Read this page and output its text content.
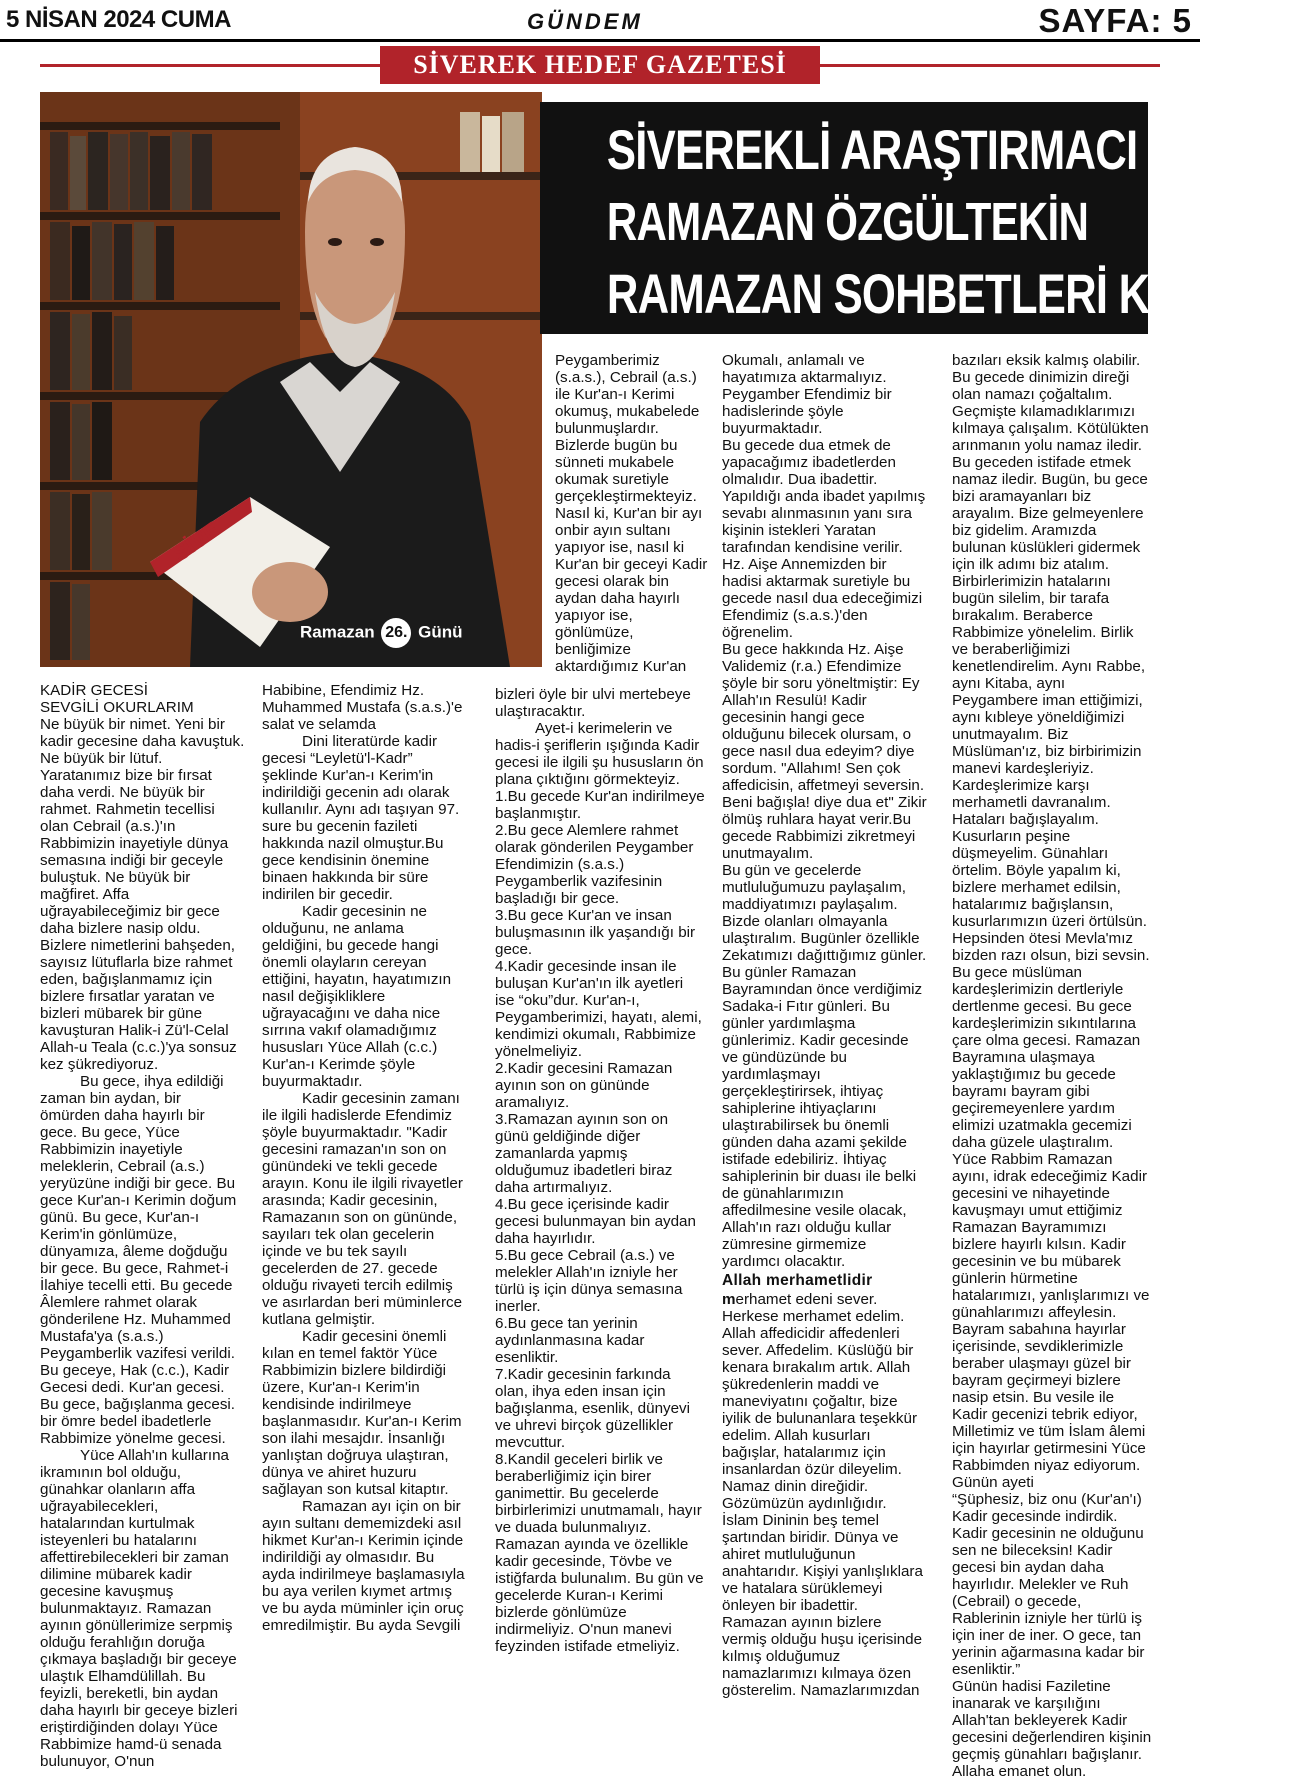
5 NİSAN 2024 CUMA	GÜNDEM	SAYFA: 5
SİVEREK HEDEF GAZETESİ
SİVE
Ramazan 26. Günü
SİVEREKLİ ARAŞTIRMACI YAZAR
RAMAZAN ÖZGÜLTEKİN
RAMAZAN SOHBETLERİ KÖŞESİ

KADİR GECESİ

SEVGİLİ OKURLARIM

Ne büyük bir nimet. Yeni bir kadir gecesine daha kavuştuk. Ne büyük bir lütuf. Yaratanımız bize bir fırsat daha verdi. Ne büyük bir rahmet. Rahmetin tecellisi olan Cebrail (a.s.)'ın Rabbimizin inayetiyle dünya semasına indiği bir geceyle buluştuk. Ne büyük bir mağfiret. Affa uğrayabileceğimiz bir gece daha bizlere nasip oldu. Bizlere nimetlerini bahşeden, sayısız lütuflarla bize rahmet eden, bağışlanmamız için bizlere fırsatlar yaratan ve bizleri mübarek bir güne kavuşturan Halik-i Zü'l-Celal Allah-u Teala (c.c.)'ya sonsuz kez şükrediyoruz.

Bu gece, ihya edildiği zaman bin aydan, bir ömürden daha hayırlı bir gece. Bu gece, Yüce Rabbimizin inayetiyle meleklerin, Cebrail (a.s.) yeryüzüne indiği bir gece. Bu gece Kur'an-ı Kerimin doğum günü. Bu gece, Kur'an-ı Kerim'in gönlümüze, dünyamıza, âleme doğduğu bir gece. Bu gece, Rahmet-i İlahiye tecelli etti. Bu gecede Âlemlere rahmet olarak gönderilene Hz. Muhammed Mustafa'ya (s.a.s.) Peygamberlik vazifesi verildi. Bu geceye, Hak (c.c.), Kadir Gecesi dedi. Kur'an gecesi. Bu gece, bağışlanma gecesi. bir ömre bedel ibadetlerle Rabbimize yönelme gecesi.

Yüce Allah'ın kullarına ikramının bol olduğu, günahkar olanların affa uğrayabilecekleri, hatalarından kurtulmak isteyenleri bu hatalarını affettirebilecekleri bir zaman dilimine mübarek kadir gecesine kavuşmuş bulunmaktayız. Ramazan ayının gönüllerimize serpmiş olduğu ferahlığın doruğa çıkmaya başladığı bir geceye ulaştık Elhamdülillah. Bu feyizli, bereketli, bin aydan daha hayırlı bir geceye bizleri eriştirdiğinden dolayı Yüce Rabbimize hamd-ü senada bulunuyor, O'nun

Habibine, Efendimiz Hz. Muhammed Mustafa (s.a.s.)'e salat ve selamda

Dini literatürde kadir gecesi “Leyletü'l-Kadr” şeklinde Kur'an-ı Kerim'in indirildiği gecenin adı olarak kullanılır. Aynı adı taşıyan 97. sure bu gecenin fazileti hakkında nazil olmuştur.Bu gece kendisinin önemine binaen hakkında bir süre indirilen bir gecedir.

Kadir gecesinin ne olduğunu, ne anlama geldiğini, bu gecede hangi önemli olayların cereyan ettiğini, hayatın, hayatımızın nasıl değişikliklere uğrayacağını ve daha nice sırrına vakıf olamadığımız hususları Yüce Allah (c.c.) Kur'an-ı Kerimde şöyle buyurmaktadır.

Kadir gecesinin zamanı ile ilgili hadislerde Efendimiz şöyle buyurmaktadır. "Kadir gecesini ramazan'ın son on günündeki ve tekli gecede arayın. Konu ile ilgili rivayetler arasında; Kadir gecesinin, Ramazanın son on gününde, sayıları tek olan gecelerin içinde ve bu tek sayılı gecelerden de 27. gecede olduğu rivayeti tercih edilmiş ve asırlardan beri müminlerce kutlana gelmiştir.

Kadir gecesini önemli kılan en temel faktör Yüce Rabbimizin bizlere bildirdiği üzere, Kur'an-ı Kerim'in kendisinde indirilmeye başlanmasıdır. Kur'an-ı Kerim son ilahi mesajdır. İnsanlığı yanlıştan doğruya ulaştıran, dünya ve ahiret huzuru sağlayan son kutsal kitaptır.

Ramazan ayı için on bir ayın sultanı dememizdeki asıl hikmet Kur'an-ı Kerimin içinde indirildiği ay olmasıdır. Bu ayda indirilmeye başlamasıyla bu aya verilen kıymet artmış ve bu ayda müminler için oruç emredilmiştir. Bu ayda Sevgili

Peygamberimiz (s.a.s.), Cebrail (a.s.) ile Kur'an-ı Kerimi okumuş, mukabelede bulunmuşlardır. Bizlerde bugün bu sünneti mukabele okumak suretiyle gerçekleştirmekteyiz. Nasıl ki, Kur'an bir ayı onbir ayın sultanı yapıyor ise, nasıl ki Kur'an bir geceyi Kadir gecesi olarak bin aydan daha hayırlı yapıyor ise, gönlümüze, benliğimize aktardığımız Kur'an

bizleri öyle bir ulvi mertebeye ulaştıracaktır.

Ayet-i kerimelerin ve hadis-i şeriflerin ışığında Kadir gecesi ile ilgili şu hususların ön plana çıktığını görmekteyiz.

1.Bu gecede Kur'an indirilmeye başlanmıştır.
2.Bu gece Alemlere rahmet olarak gönderilen Peygamber Efendimizin (s.a.s.) Peygamberlik vazifesinin başladığı bir gece.
3.Bu gece Kur'an ve insan buluşmasının ilk yaşandığı bir gece.
4.Kadir gecesinde insan ile buluşan Kur'an'ın ilk ayetleri ise “oku”dur. Kur'an-ı, Peygamberimizi, hayatı, alemi, kendimizi okumalı, Rabbimize yönelmeliyiz.
2.Kadir gecesini Ramazan ayının son on gününde aramalıyız.
3.Ramazan ayının son on günü geldiğinde diğer zamanlarda yapmış olduğumuz ibadetleri biraz daha artırmalıyız.
4.Bu gece içerisinde kadir gecesi bulunmayan bin aydan daha hayırlıdır.
5.Bu gece Cebrail (a.s.) ve melekler Allah'ın izniyle her türlü iş için dünya semasına inerler.
6.Bu gece tan yerinin aydınlanmasına kadar esenliktir.
7.Kadir gecesinin farkında olan, ihya eden insan için bağışlanma, esenlik, dünyevi ve uhrevi birçok güzellikler mevcuttur.
8.Kandil geceleri birlik ve beraberliğimiz için birer ganimettir. Bu gecelerde birbirlerimizi unutmamalı, hayır ve duada bulunmalıyız. Ramazan ayında ve özellikle kadir gecesinde, Tövbe ve istiğfarda bulunalım. Bu gün ve gecelerde Kuran-ı Kerimi bizlerde gönlümüze indirmeliyiz. O'nun manevi feyzinden istifade etmeliyiz.

Okumalı, anlamalı ve hayatımıza aktarmalıyız. Peygamber Efendimiz bir hadislerinde şöyle buyurmaktadır.

Bu gecede dua etmek de yapacağımız ibadetlerden olmalıdır. Dua ibadettir. Yapıldığı anda ibadet yapılmış sevabı alınmasının yanı sıra kişinin istekleri Yaratan tarafından kendisine verilir. Hz. Aişe Annemizden bir hadisi aktarmak suretiyle bu gecede nasıl dua edeceğimizi Efendimiz (s.a.s.)'den öğrenelim.

Bu gece hakkında Hz. Aişe Validemiz (r.a.) Efendimize şöyle bir soru yöneltmiştir: Ey Allah'ın Resulü! Kadir gecesinin hangi gece olduğunu bilecek olursam, o gece nasıl dua edeyim? diye sordum. "Allahım! Sen çok affedicisin, affetmeyi seversin. Beni bağışla! diye dua et" Zikir ölmüş ruhlara hayat verir.Bu gecede Rabbimizi zikretmeyi unutmayalım.

Bu gün ve gecelerde mutluluğumuzu paylaşalım, maddiyatımızı paylaşalım. Bizde olanları olmayanla ulaştıralım. Bugünler özellikle Zekatımızı dağıttığımız günler. Bu günler Ramazan Bayramından önce verdiğimiz Sadaka-i Fıtır günleri. Bu günler yardımlaşma günlerimiz. Kadir gecesinde ve gündüzünde bu yardımlaşmayı gerçekleştirirsek, ihtiyaç sahiplerine ihtiyaçlarını ulaştırabilirsek bu önemli günden daha azami şekilde istifade edebiliriz. İhtiyaç sahiplerinin bir duası ile belki de günahlarımızın affedilmesine vesile olacak, Allah'ın razı olduğu kullar zümresine girmemize yardımcı olacaktır.

Allah merhametlidir

merhamet edeni sever. Herkese merhamet edelim. Allah affedicidir affedenleri sever. Affedelim. Küslüğü bir kenara bırakalım artık. Allah şükredenlerin maddi ve maneviyatını çoğaltır, bize iyilik de bulunanlara teşekkür edelim. Allah kusurları bağışlar, hatalarımız için insanlardan özür dileyelim. Namaz dinin direğidir. Gözümüzün aydınlığıdır. İslam Dininin beş temel şartından biridir. Dünya ve ahiret mutluluğunun anahtarıdır. Kişiyi yanlışlıklara ve hatalara sürüklemeyi önleyen bir ibadettir. Ramazan ayının bizlere vermiş olduğu huşu içerisinde kılmış olduğumuz namazlarımızı kılmaya özen gösterelim. Namazlarımızdan

bazıları eksik kalmış olabilir. Bu gecede dinimizin direği olan namazı çoğaltalım. Geçmişte kılamadıklarımızı kılmaya çalışalım. Kötülükten arınmanın yolu namaz iledir. Bu geceden istifade etmek namaz iledir. Bugün, bu gece bizi aramayanları biz arayalım. Bize gelmeyenlere biz gidelim. Aramızda bulunan küslükleri gidermek için ilk adımı biz atalım. Birbirlerimizin hatalarını bugün silelim, bir tarafa bırakalım. Beraberce Rabbimize yönelelim. Birlik ve beraberliğimizi kenetlendirelim. Aynı Rabbe, aynı Kitaba, aynı Peygambere iman ettiğimizi, aynı kıbleye yöneldiğimizi unutmayalım. Biz Müslüman'ız, biz birbirimizin manevi kardeşleriyiz. Kardeşlerimize karşı merhametli davranalım. Hataları bağışlayalım. Kusurların peşine düşmeyelim. Günahları örtelim. Böyle yapalım ki, bizlere merhamet edilsin, hatalarımız bağışlansın, kusurlarımızın üzeri örtülsün. Hepsinden ötesi Mevla'mız bizden razı olsun, bizi sevsin.

Bu gece müslüman kardeşlerimizin dertleriyle dertlenme gecesi. Bu gece kardeşlerimizin sıkıntılarına çare olma gecesi. Ramazan Bayramına ulaşmaya yaklaştığımız bu gecede bayramı bayram gibi geçiremeyenlere yardım elimizi uzatmakla gecemizi daha güzele ulaştıralım.

Yüce Rabbim Ramazan ayını, idrak edeceğimiz Kadir gecesini ve nihayetinde kavuşmayı umut ettiğimiz Ramazan Bayramımızı bizlere hayırlı kılsın. Kadir gecesinin ve bu mübarek günlerin hürmetine hatalarımızı, yanlışlarımızı ve günahlarımızı affeylesin. Bayram sabahına hayırlar içerisinde, sevdiklerimizle beraber ulaşmayı güzel bir bayram geçirmeyi bizlere nasip etsin. Bu vesile ile Kadir gecenizi tebrik ediyor, Milletimiz ve tüm İslam âlemi için hayırlar getirmesini Yüce Rabbimden niyaz ediyorum.

Günün ayeti

“Şüphesiz, biz onu (Kur'an'ı) Kadir gecesinde indirdik. Kadir gecesinin ne olduğunu sen ne bileceksin! Kadir gecesi bin aydan daha hayırlıdır. Melekler ve Ruh (Cebrail) o gecede, Rablerinin izniyle her türlü iş için iner de iner. O gece, tan yerinin ağarmasına kadar bir esenliktir.”

Günün hadisi Faziletine inanarak ve karşılığını Allah'tan bekleyerek Kadir gecesini değerlendiren kişinin geçmiş günahları bağışlanır. Allaha emanet olun.
